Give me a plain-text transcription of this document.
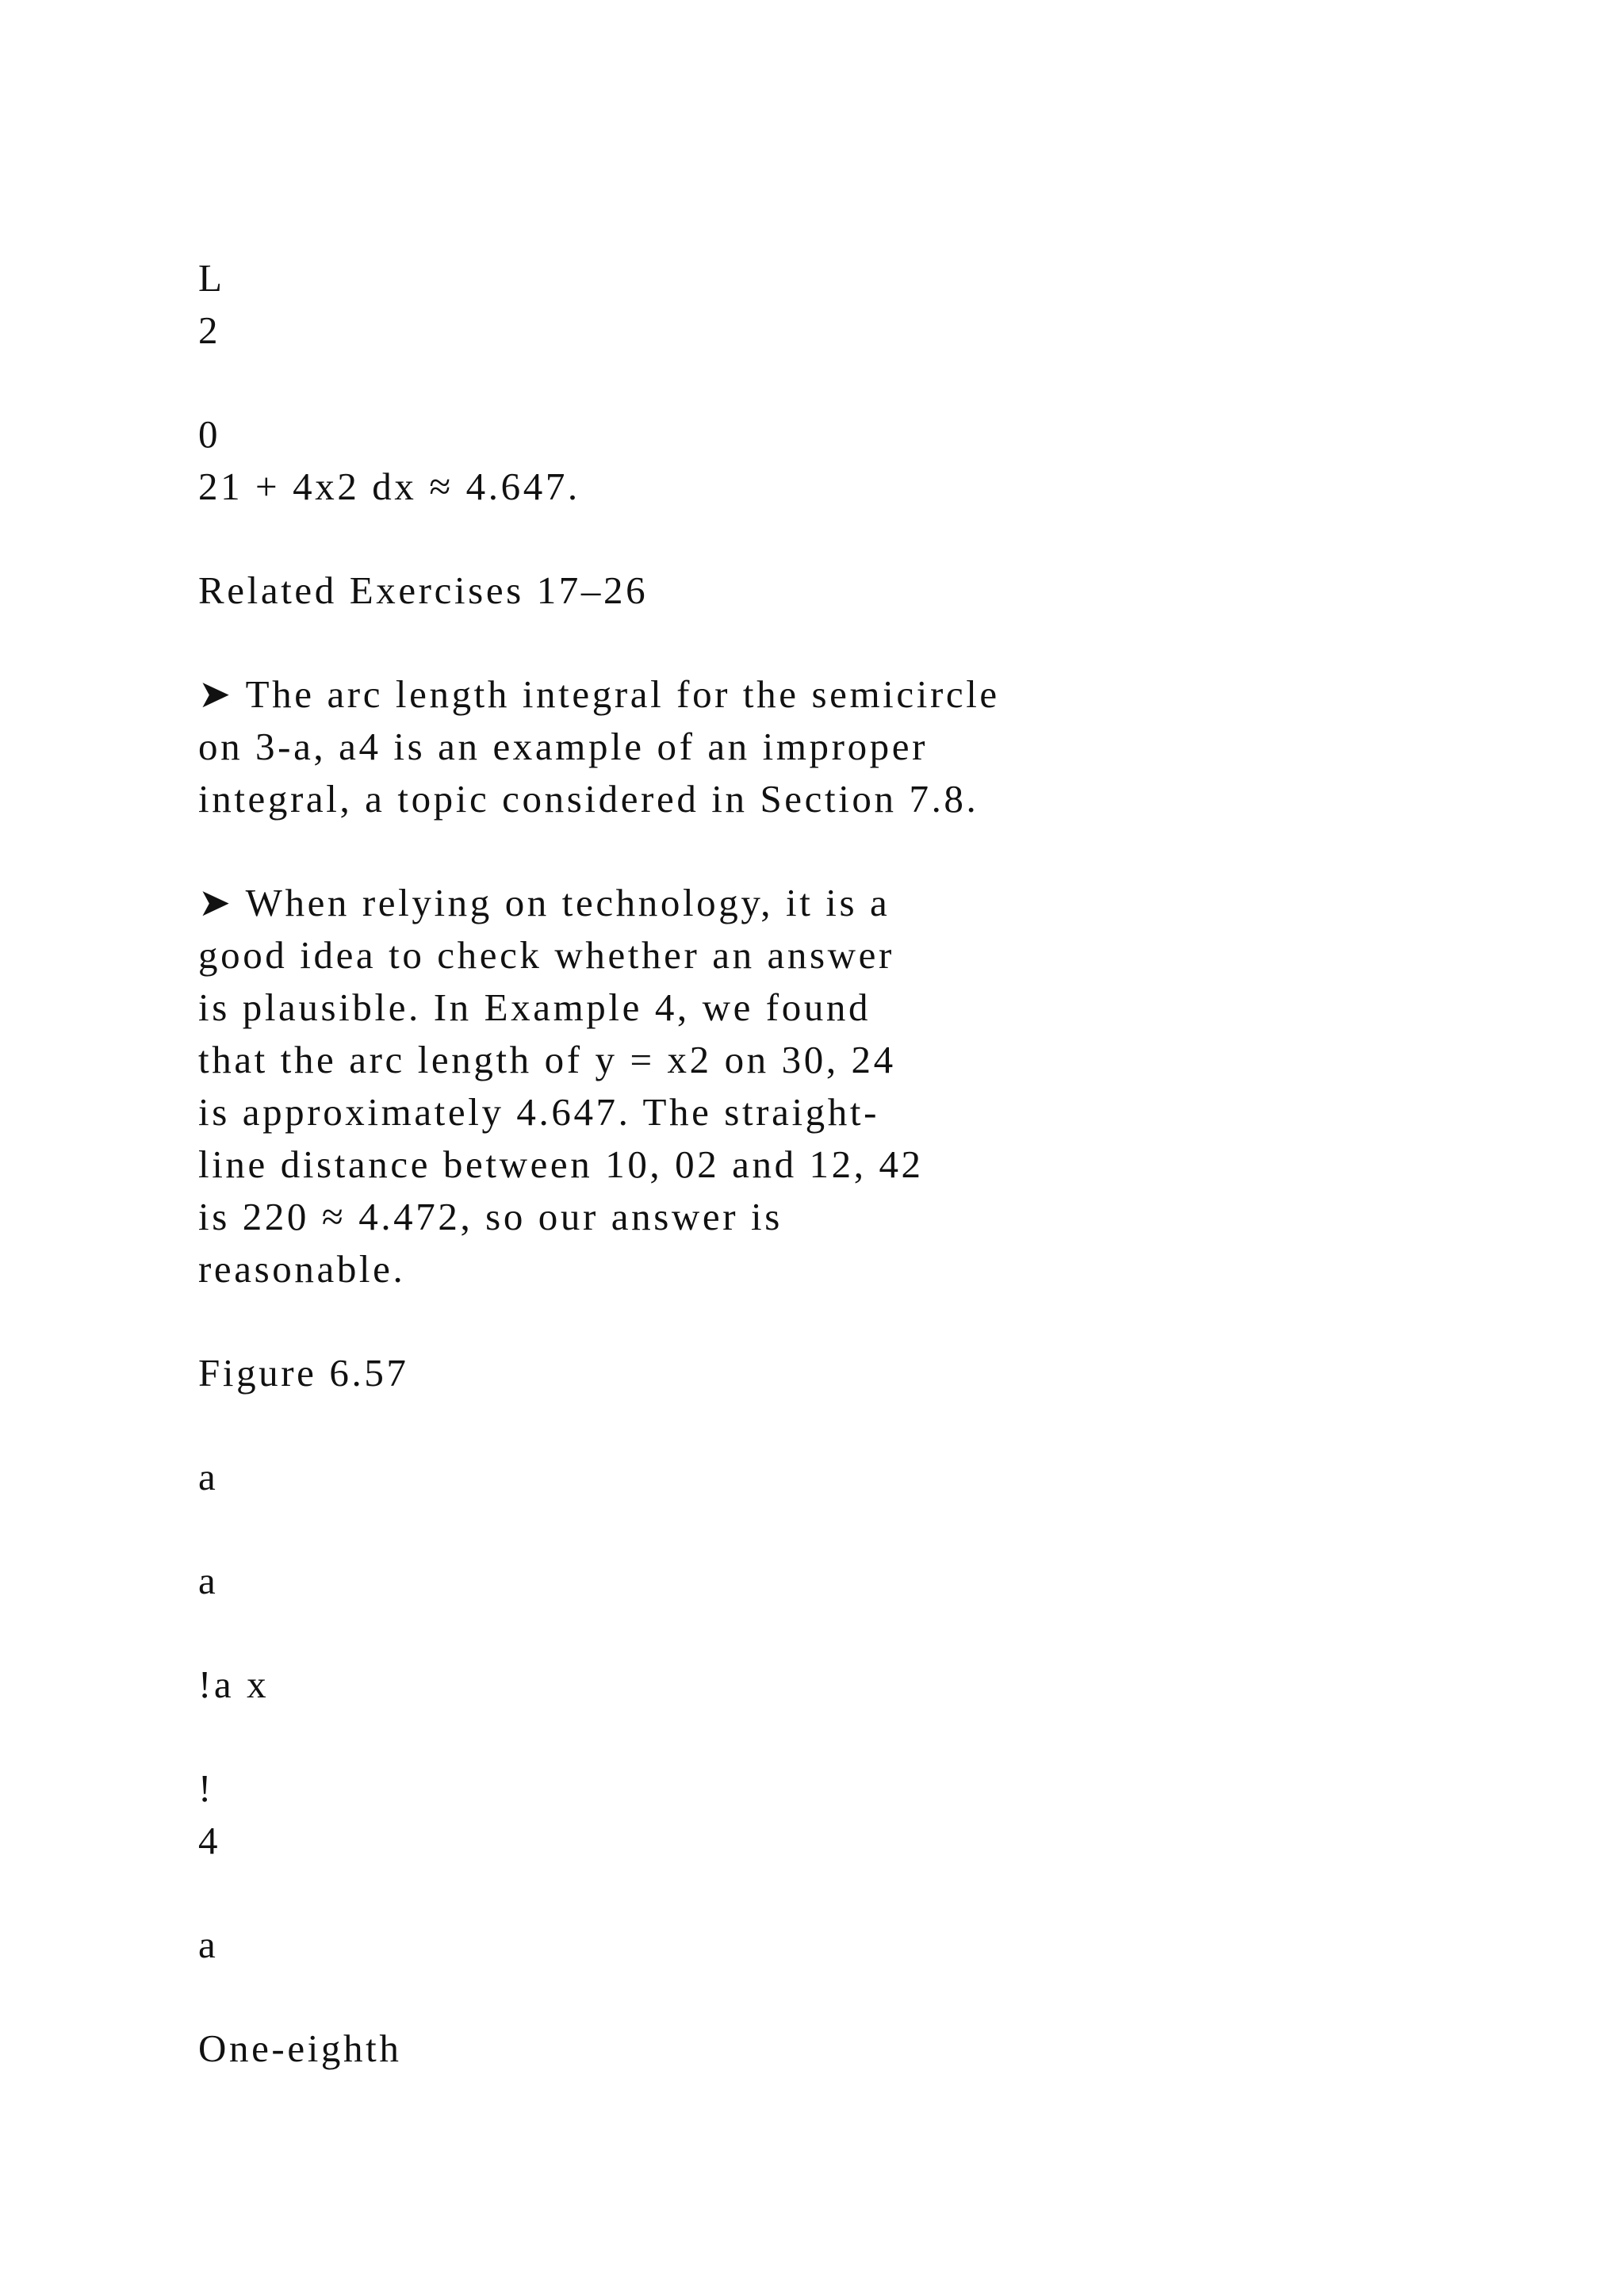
L

2

0

21 + 4x2 dx ≈ 4.647.

Related Exercises 17–26

➤ The arc length integral for the semicircle

on 3-a, a4 is an example of an improper

integral, a topic considered in Section 7.8.

➤ When relying on technology, it is a

good idea to check whether an answer

is plausible. In Example 4, we found

that the arc length of y = x2 on 30, 24

is approximately 4.647. The straight-

line distance between 10, 02 and 12, 42

is 220 ≈ 4.472, so our answer is

reasonable.

Figure 6.57

a

a

!a x

!

4

a

One-eighth
